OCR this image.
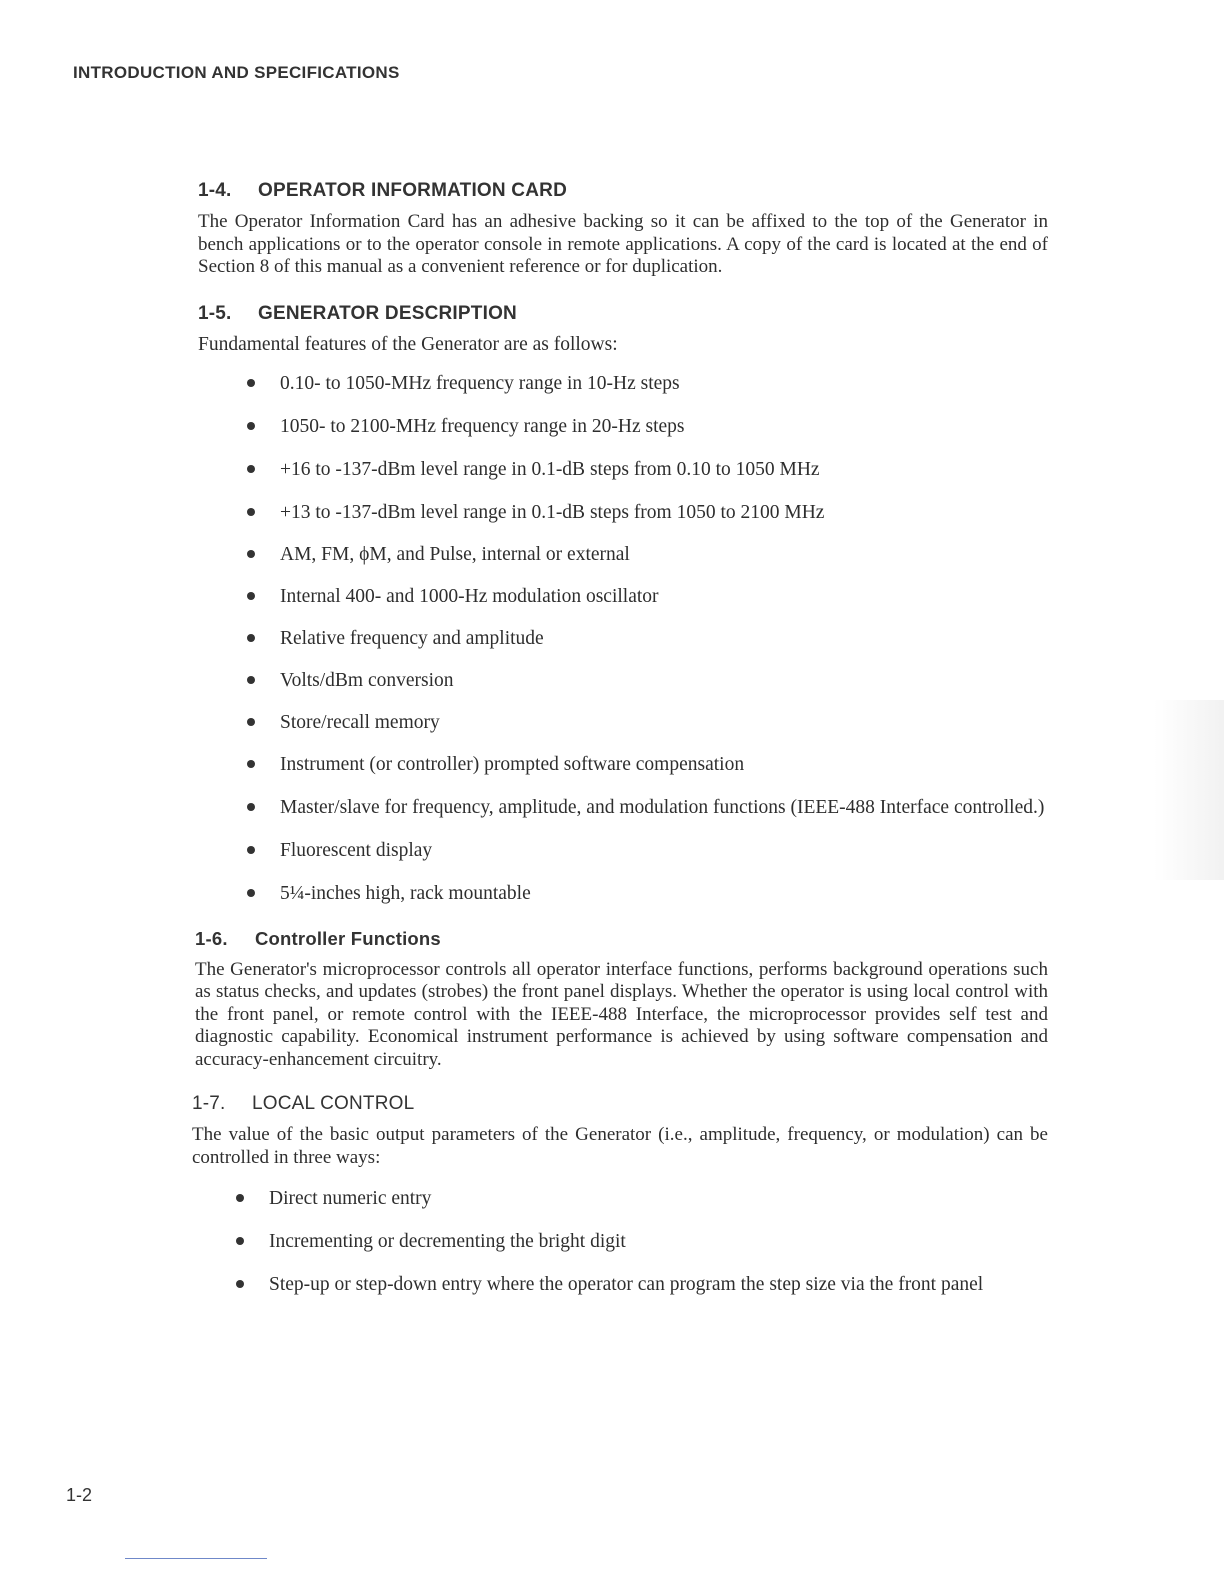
INTRODUCTION AND SPECIFICATIONS
1-4. OPERATOR INFORMATION CARD

The Operator Information Card has an adhesive backing so it can be affixed to the top of the Generator in bench applications or to the operator console in remote applications. A copy of the card is located at the end of Section 8 of this manual as a convenient reference or for duplication.

1-5. GENERATOR DESCRIPTION

Fundamental features of the Generator are as follows:

0.10- to 1050-MHz frequency range in 10-Hz steps
1050- to 2100-MHz frequency range in 20-Hz steps
+16 to -137-dBm level range in 0.1-dB steps from 0.10 to 1050 MHz
+13 to -137-dBm level range in 0.1-dB steps from 1050 to 2100 MHz
AM, FM, ϕM, and Pulse, internal or external
Internal 400- and 1000-Hz modulation oscillator
Relative frequency and amplitude
Volts/dBm conversion
Store/recall memory
Instrument (or controller) prompted software compensation
Master/slave for frequency, amplitude, and modulation functions (IEEE-488 Interface controlled.)
Fluorescent display
5¼-inches high, rack mountable
1-6. Controller Functions

The Generator's microprocessor controls all operator interface functions, performs background operations such as status checks, and updates (strobes) the front panel displays. Whether the operator is using local control with the front panel, or remote control with the IEEE-488 Interface, the microprocessor provides self test and diagnostic capability. Economical instrument performance is achieved by using software compensation and accuracy-enhancement circuitry.

1-7. LOCAL CONTROL

The value of the basic output parameters of the Generator (i.e., amplitude, frequency, or modulation) can be controlled in three ways:

Direct numeric entry
Incrementing or decrementing the bright digit
Step-up or step-down entry where the operator can program the step size via the front panel
1-2
